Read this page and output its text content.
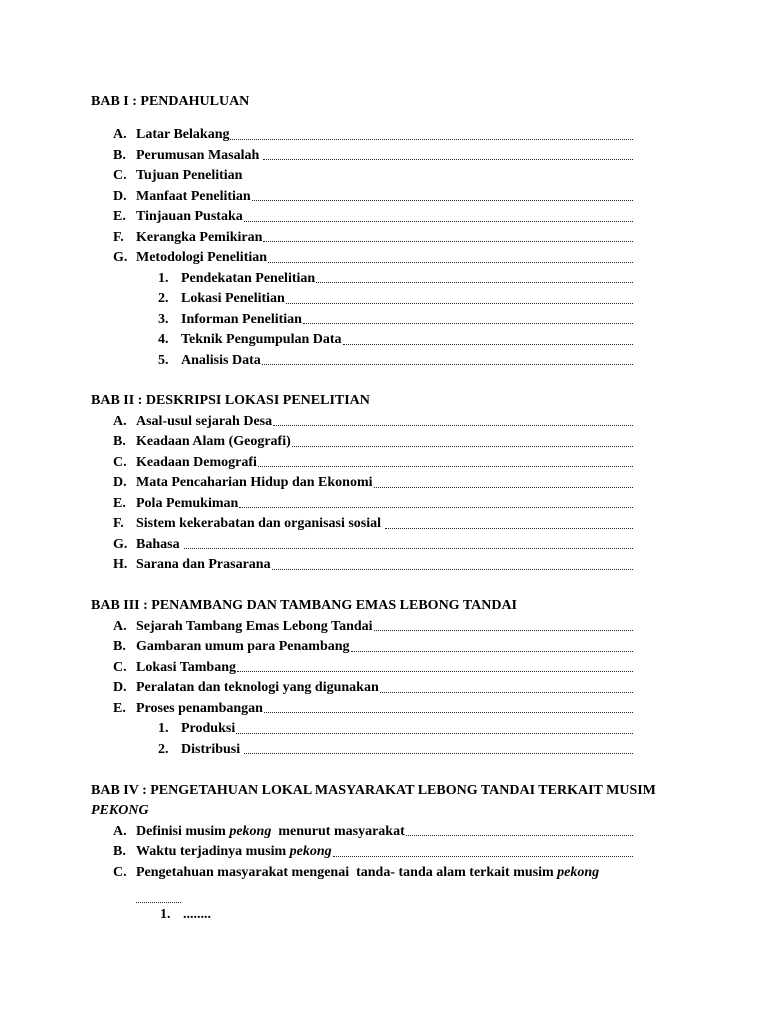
BAB I : PENDAHULUAN
A. Latar Belakang
B. Perumusan Masalah
C. Tujuan Penelitian
D. Manfaat Penelitian
E. Tinjauan Pustaka
F. Kerangka Pemikiran
G. Metodologi Penelitian
1. Pendekatan Penelitian
2. Lokasi Penelitian
3. Informan Penelitian
4. Teknik Pengumpulan Data
5. Analisis Data
BAB II : DESKRIPSI LOKASI PENELITIAN
A. Asal-usul sejarah Desa
B. Keadaan Alam (Geografi)
C. Keadaan Demografi
D. Mata Pencaharian Hidup dan Ekonomi
E. Pola Pemukiman
F. Sistem kekerabatan dan organisasi sosial
G. Bahasa
H. Sarana dan Prasarana
BAB III : PENAMBANG DAN TAMBANG EMAS LEBONG TANDAI
A. Sejarah Tambang Emas Lebong Tandai
B. Gambaran umum para Penambang
C. Lokasi Tambang
D. Peralatan dan teknologi yang digunakan
E. Proses penambangan
1. Produksi
2. Distribusi
BAB IV : PENGETAHUAN LOKAL MASYARAKAT LEBONG TANDAI TERKAIT MUSIM PEKONG
A. Definisi musim pekong  menurut masyarakat
B. Waktu terjadinya musim pekong
C. Pengetahuan masyarakat mengenai  tanda- tanda alam terkait musim pekong
1. ........
